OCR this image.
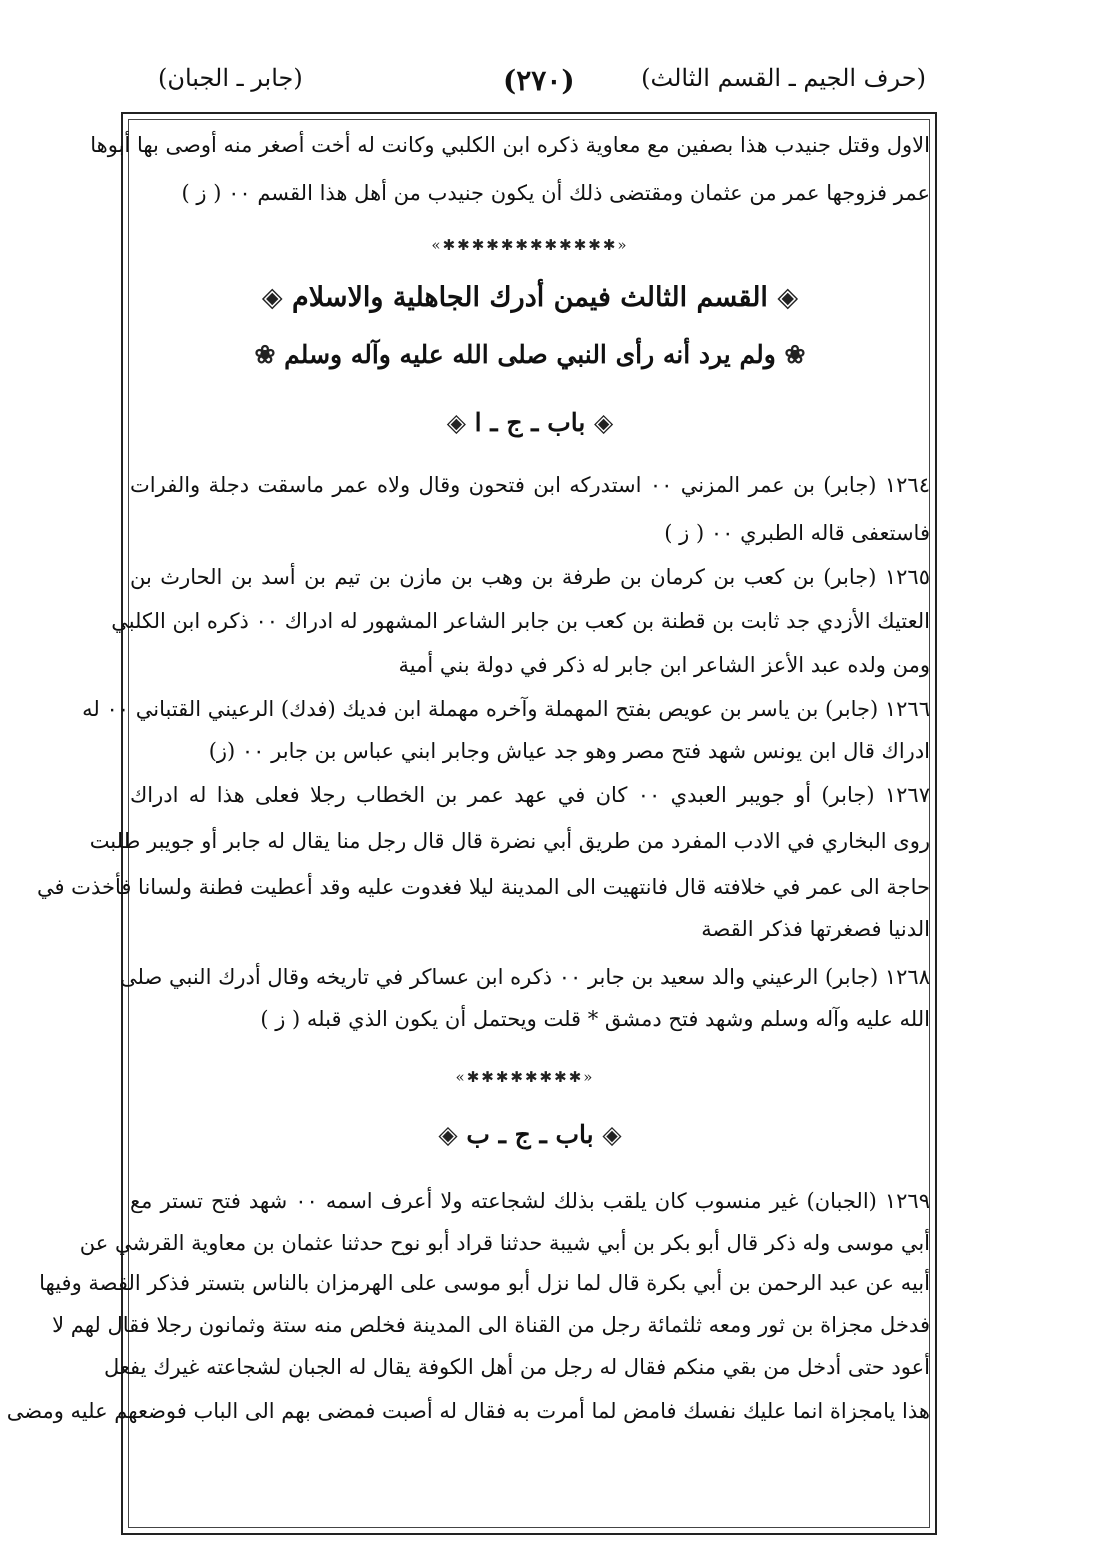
(حرف الجيم ـ القسم الثالث)
(٢٧٠)
(جابر ـ الجبان)
الاول وقتل جنيدب هذا بصفين مع معاوية ذكره ابن الكلبي وكانت له أخت أصغر منه أوصى بها أبوها
عمر فزوجها عمر من عثمان ومقتضى ذلك أن يكون جنيدب من أهل هذا القسم ٠٠ ( ز )
«✱✱✱✱✱✱✱✱✱✱✱✱»
◈ القسم الثالث فيمن أدرك الجاهلية والاسلام ◈
❀ ولم يرد أنه رأى النبي صلى الله عليه وآله وسلم ❀
◈ باب ـ ج ـ ا ◈
١٢٦٤ (جابر) بن عمر المزني ٠٠ استدركه ابن فتحون وقال ولاه عمر ماسقت دجلة والفرات
فاستعفى قاله الطبري ٠٠ ( ز )
١٢٦٥ (جابر) بن كعب بن كرمان بن طرفة بن وهب بن مازن بن تيم بن أسد بن الحارث بن
العتيك الأزدي جد ثابت بن قطنة بن كعب بن جابر الشاعر المشهور له ادراك ٠٠ ذكره ابن الكلبي
ومن ولده عبد الأعز الشاعر ابن جابر له ذكر في دولة بني أمية
١٢٦٦ (جابر) بن ياسر بن عويص بفتح المهملة وآخره مهملة ابن فديك (فدك) الرعيني القتباني ٠٠ له
ادراك قال ابن يونس شهد فتح مصر وهو جد عياش وجابر ابني عباس بن جابر ٠٠ (ز)
١٢٦٧ (جابر) أو جويبر العبدي ٠٠ كان في عهد عمر بن الخطاب رجلا فعلى هذا له ادراك
روى البخاري في الادب المفرد من طريق أبي نضرة قال قال رجل منا يقال له جابر أو جويبر طلبت
حاجة الى عمر في خلافته قال فانتهيت الى المدينة ليلا فغدوت عليه وقد أعطيت فطنة ولسانا فأخذت في
الدنيا فصغرتها فذكر القصة
١٢٦٨ (جابر) الرعيني والد سعيد بن جابر ٠٠ ذكره ابن عساكر في تاريخه وقال أدرك النبي صلى
الله عليه وآله وسلم وشهد فتح دمشق * قلت ويحتمل أن يكون الذي قبله ( ز )
«✱✱✱✱✱✱✱✱»
◈ باب ـ ج ـ ب ◈
١٢٦٩ (الجبان) غير منسوب كان يلقب بذلك لشجاعته ولا أعرف اسمه ٠٠ شهد فتح تستر مع
أبي موسى وله ذكر قال أبو بكر بن أبي شيبة حدثنا قراد أبو نوح حدثنا عثمان بن معاوية القرشي عن
أبيه عن عبد الرحمن بن أبي بكرة قال لما نزل أبو موسى على الهرمزان بالناس بتستر فذكر القصة وفيها
فدخل مجزاة بن ثور ومعه ثلثمائة رجل من القناة الى المدينة فخلص منه ستة وثمانون رجلا فقال لهم لا
أعود حتى أدخل من بقي منكم فقال له رجل من أهل الكوفة يقال له الجبان لشجاعته غيرك يفعل
هذا يامجزاة انما عليك نفسك فامض لما أمرت به فقال له أصبت فمضى بهم الى الباب فوضعهم عليه ومضى
